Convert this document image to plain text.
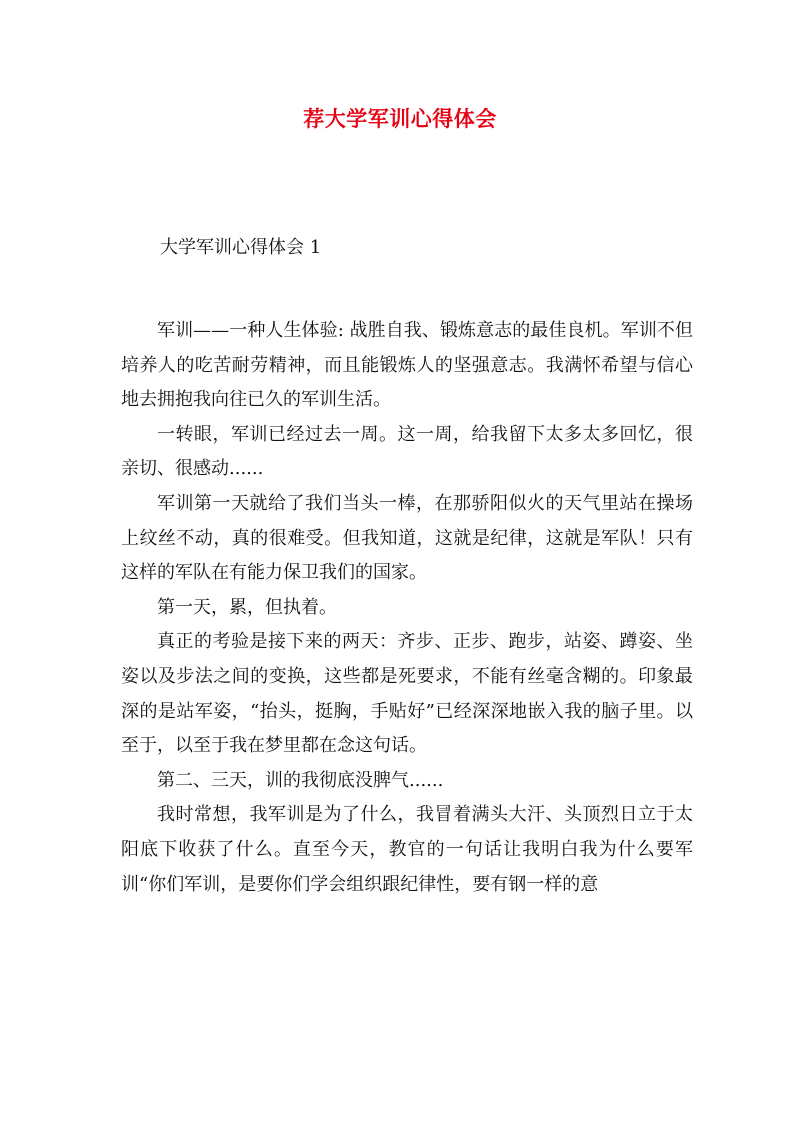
荐大学军训心得体会
大学军训心得体会 1

军训——一种人生体验: 战胜自我、锻炼意志的最佳良机。军训不但培养人的吃苦耐劳精神，而且能锻炼人的坚强意志。我满怀希望与信心地去拥抱我向往已久的军训生活。

一转眼，军训已经过去一周。这一周，给我留下太多太多回忆，很亲切、很感动......

军训第一天就给了我们当头一棒，在那骄阳似火的天气里站在操场上纹丝不动，真的很难受。但我知道，这就是纪律，这就是军队！只有这样的军队在有能力保卫我们的国家。

第一天，累，但执着。

真正的考验是接下来的两天：齐步、正步、跑步，站姿、蹲姿、坐姿以及步法之间的变换，这些都是死要求，不能有丝毫含糊的。印象最深的是站军姿，“抬头，挺胸，手贴好”已经深深地嵌入我的脑子里。以至于，以至于我在梦里都在念这句话。

第二、三天，训的我彻底没脾气......

我时常想，我军训是为了什么，我冒着满头大汗、头顶烈日立于太阳底下收获了什么。直至今天，教官的一句话让我明白我为什么要军训“你们军训，是要你们学会组织跟纪律性，要有钢一样的意
